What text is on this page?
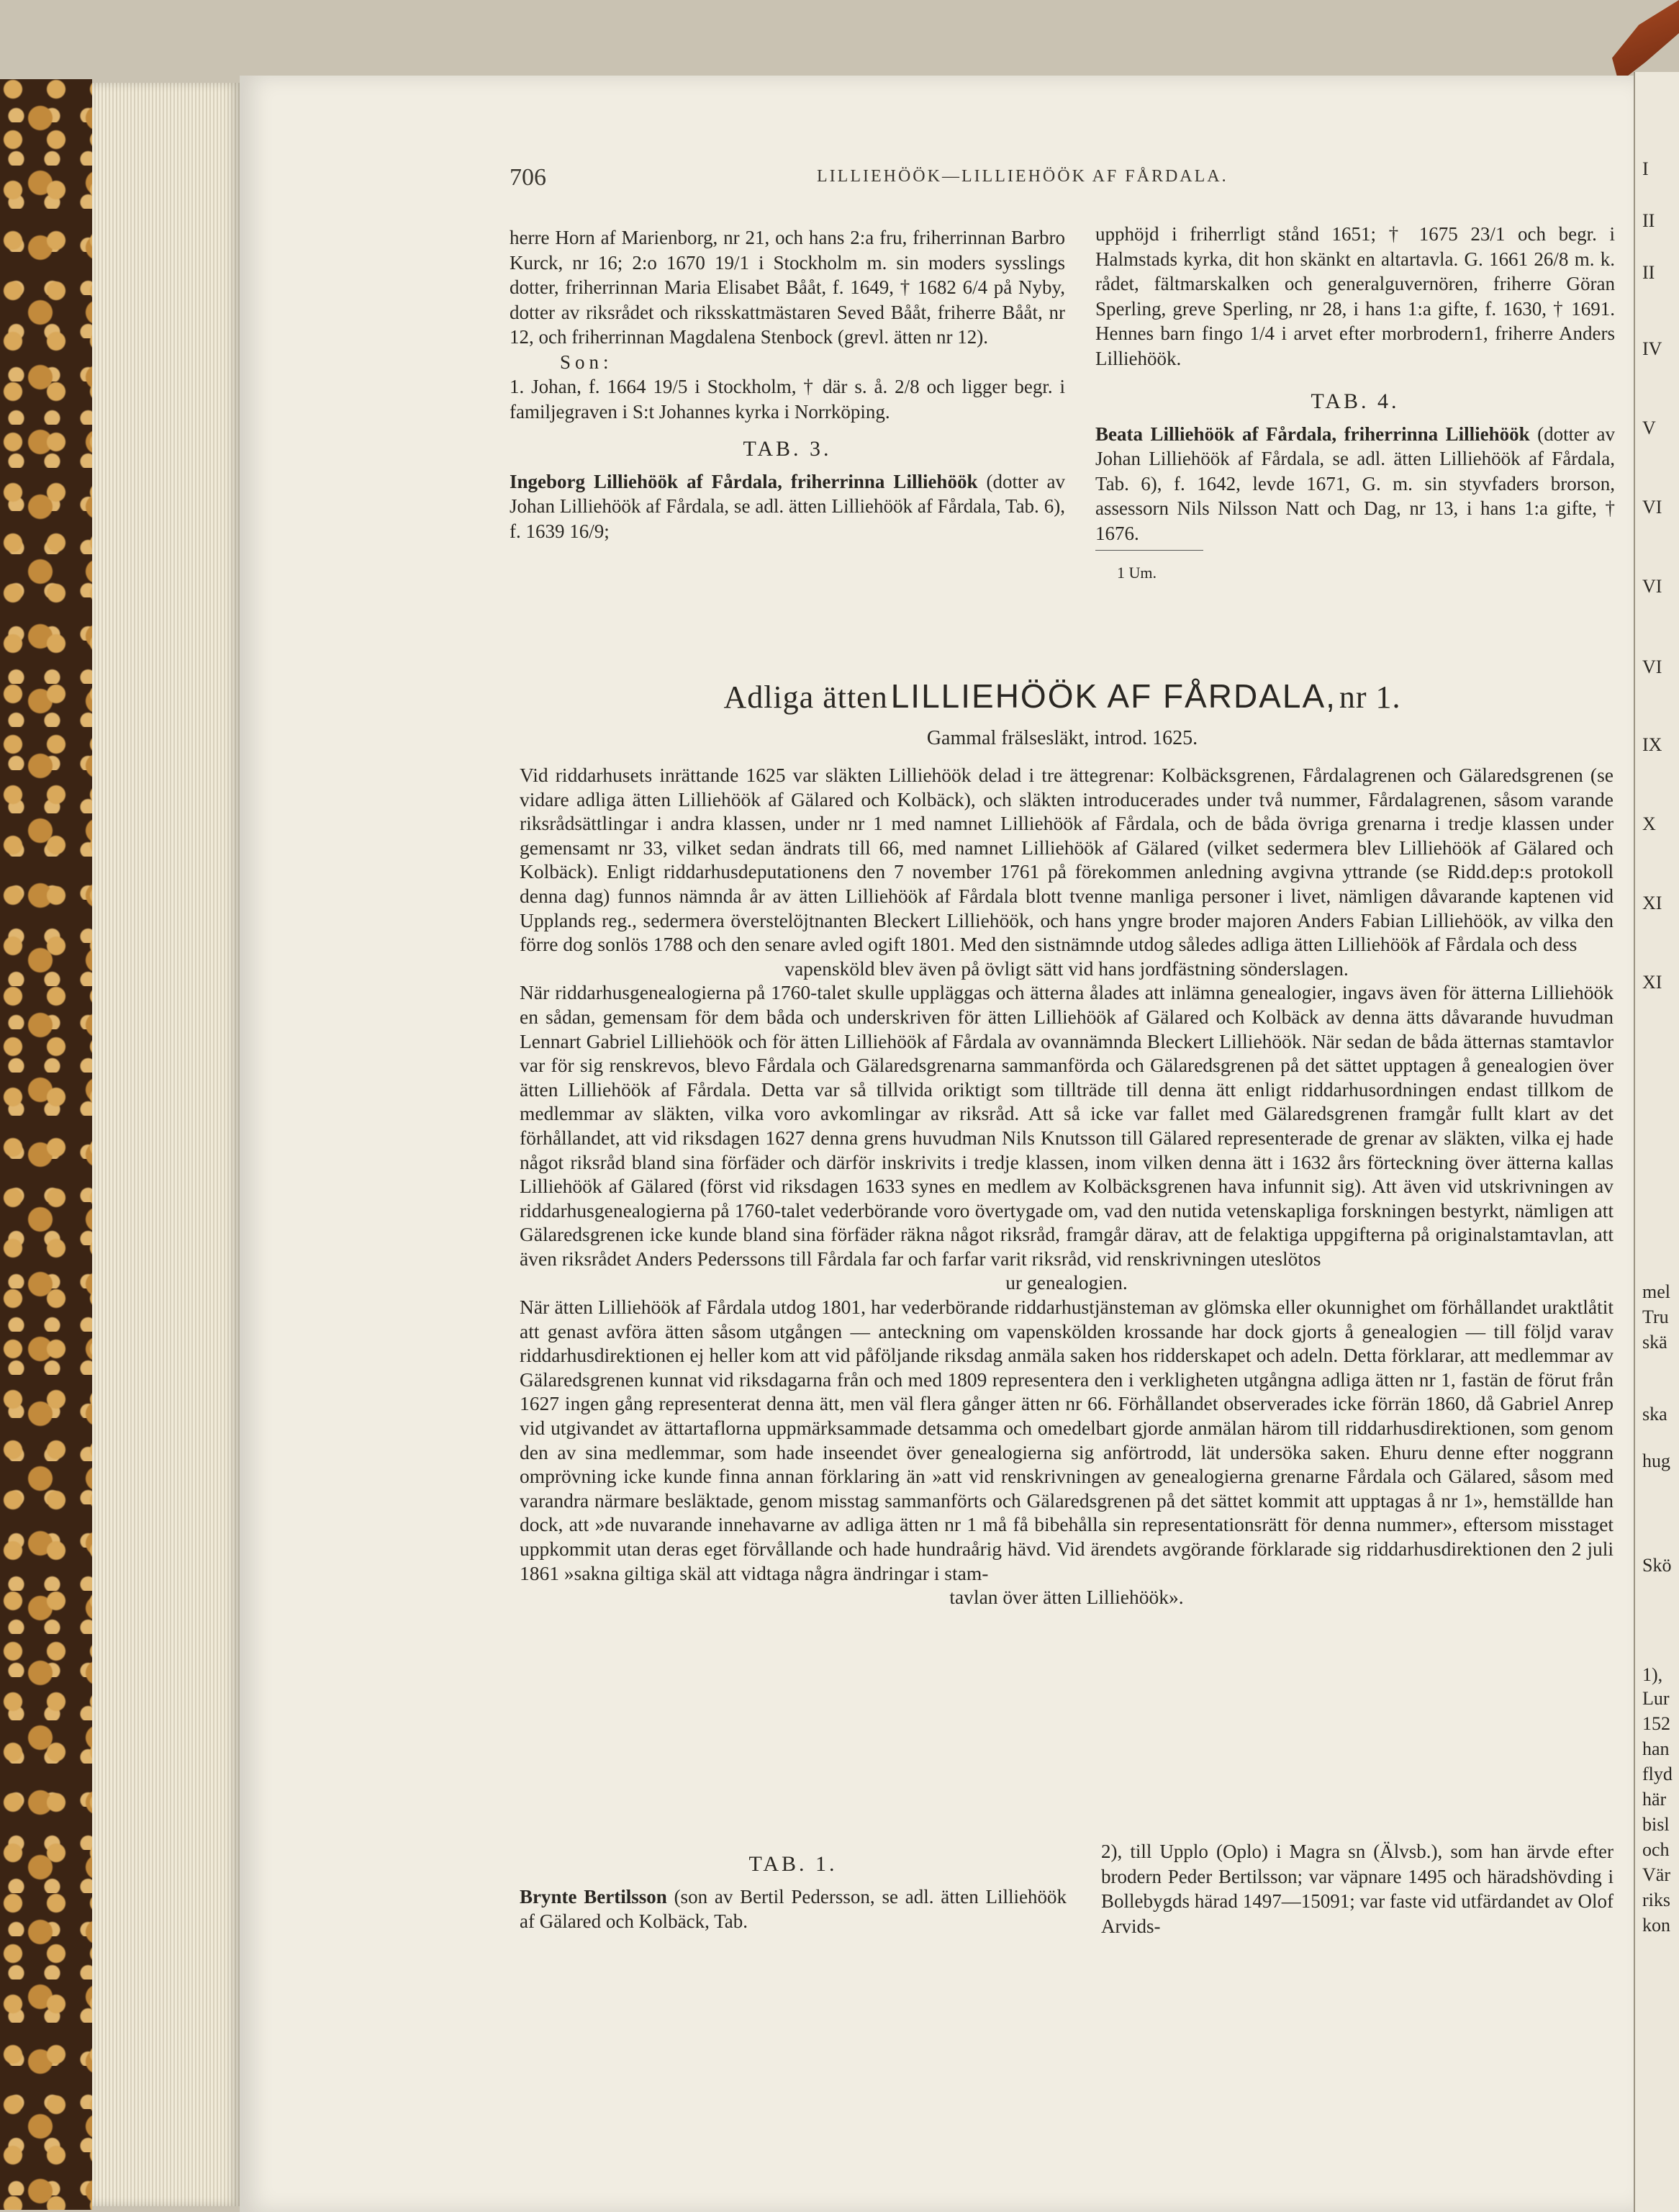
706	LILLIEHÖÖK—LILLIEHÖÖK AF FÅRDALA.

herre Horn af Marienborg, nr 21, och hans 2:a fru, friherrinnan Barbro Kurck, nr 16; 2:o 1670 19/1 i Stockholm m. sin moders sysslings dotter, friherrinnan Maria Elisabet Bååt, f. 1649, † 1682 6/4 på Nyby, dotter av riksrådet och riksskattmästaren Seved Bååt, friherre Bååt, nr 12, och friherrinnan Magdalena Stenbock (grevl. ätten nr 12).

Son:

1. Johan, f. 1664 19/5 i Stockholm, † där s. å. 2/8 och ligger begr. i familjegraven i S:t Johannes kyrka i Norrköping.

TAB. 3.

Ingeborg Lilliehöök af Fårdala, friherrinna Lilliehöök (dotter av Johan Lilliehöök af Fårdala, se adl. ätten Lilliehöök af Fårdala, Tab. 6), f. 1639 16/9;

upphöjd i friherrligt stånd 1651; † 1675 23/1 och begr. i Halmstads kyrka, dit hon skänkt en altartavla. G. 1661 26/8 m. k. rådet, fältmarskalken och generalguvernören, friherre Göran Sperling, greve Sperling, nr 28, i hans 1:a gifte, f. 1630, † 1691. Hennes barn fingo 1/4 i arvet efter morbrodern1, friherre Anders Lilliehöök.

TAB. 4.

Beata Lilliehöök af Fårdala, friherrinna Lilliehöök (dotter av Johan Lilliehöök af Fårdala, se adl. ätten Lilliehöök af Fårdala, Tab. 6), f. 1642, levde 1671, G. m. sin styvfaders brorson, assessorn Nils Nilsson Natt och Dag, nr 13, i hans 1:a gifte, † 1676.

1 Um.
Adliga ätten LILLIEHÖÖK AF FÅRDALA, nr 1.
Gammal frälsesläkt, introd. 1625.

Vid riddarhusets inrättande 1625 var släkten Lilliehöök delad i tre ättegrenar: Kolbäcksgrenen, Fårdalagrenen och Gälaredsgrenen (se vidare adliga ätten Lilliehöök af Gälared och Kolbäck), och släkten introducerades under två nummer, Fårdalagrenen, såsom varande riksrådsättlingar i andra klassen, under nr 1 med namnet Lilliehöök af Fårdala, och de båda övriga grenarna i tredje klassen under gemensamt nr 33, vilket sedan ändrats till 66, med namnet Lilliehöök af Gälared (vilket sedermera blev Lilliehöök af Gälared och Kolbäck). Enligt riddarhusdeputationens den 7 november 1761 på förekommen anledning avgivna yttrande (se Ridd.dep:s protokoll denna dag) funnos nämnda år av ätten Lilliehöök af Fårdala blott tvenne manliga personer i livet, nämligen dåvarande kaptenen vid Upplands reg., sedermera överstelöjtnanten Bleckert Lilliehöök, och hans yngre broder majoren Anders Fabian Lilliehöök, av vilka den förre dog sonlös 1788 och den senare avled ogift 1801. Med den sistnämnde utdog således adliga ätten Lilliehöök af Fårdala och dess

vapensköld blev även på övligt sätt vid hans jordfästning sönderslagen.

När riddarhusgenealogierna på 1760-talet skulle uppläggas och ätterna ålades att inlämna genealogier, ingavs även för ätterna Lilliehöök en sådan, gemensam för dem båda och underskriven för ätten Lilliehöök af Gälared och Kolbäck av denna ätts dåvarande huvudman Lennart Gabriel Lilliehöök och för ätten Lilliehöök af Fårdala av ovannämnda Bleckert Lilliehöök. När sedan de båda ätternas stamtavlor var för sig renskrevos, blevo Fårdala och Gälaredsgrenarna sammanförda och Gälaredsgrenen på det sättet upptagen å genealogien över ätten Lilliehöök af Fårdala. Detta var så tillvida oriktigt som tillträde till denna ätt enligt riddarhusordningen endast tillkom de medlemmar av släkten, vilka voro avkomlingar av riksråd. Att så icke var fallet med Gälaredsgrenen framgår fullt klart av det förhållandet, att vid riksdagen 1627 denna grens huvudman Nils Knutsson till Gälared representerade de grenar av släkten, vilka ej hade något riksråd bland sina förfäder och därför inskrivits i tredje klassen, inom vilken denna ätt i 1632 års förteckning över ätterna kallas Lilliehöök af Gälared (först vid riksdagen 1633 synes en medlem av Kolbäcksgrenen hava infunnit sig). Att även vid utskrivningen av riddarhusgenealogierna på 1760-talet vederbörande voro övertygade om, vad den nutida vetenskapliga forskningen bestyrkt, nämligen att Gälaredsgrenen icke kunde bland sina förfäder räkna något riksråd, framgår därav, att de felaktiga uppgifterna på originalstamtavlan, att även riksrådet Anders Pederssons till Fårdala far och farfar varit riksråd, vid renskrivningen uteslötos

ur genealogien.

När ätten Lilliehöök af Fårdala utdog 1801, har vederbörande riddarhustjänsteman av glömska eller okunnighet om förhållandet uraktlåtit att genast avföra ätten såsom utgången — anteckning om vapenskölden krossande har dock gjorts å genealogien — till följd varav riddarhusdirektionen ej heller kom att vid påföljande riksdag anmäla saken hos ridderskapet och adeln. Detta förklarar, att medlemmar av Gälaredsgrenen kunnat vid riksdagarna från och med 1809 representera den i verkligheten utgångna adliga ätten nr 1, fastän de förut från 1627 ingen gång representerat denna ätt, men väl flera gånger ätten nr 66. Förhållandet observerades icke förrän 1860, då Gabriel Anrep vid utgivandet av ättartaflorna uppmärksammade detsamma och omedelbart gjorde anmälan härom till riddarhusdirektionen, som genom den av sina medlemmar, som hade inseendet över genealogierna sig anförtrodd, lät undersöka saken. Ehuru denne efter noggrann omprövning icke kunde finna annan förklaring än »att vid renskrivningen av genealogierna grenarne Fårdala och Gälared, såsom med varandra närmare besläktade, genom misstag sammanförts och Gälaredsgrenen på det sättet kommit att upptagas å nr 1», hemställde han dock, att »de nuvarande innehavarne av adliga ätten nr 1 må få bibehålla sin representationsrätt för denna nummer», eftersom misstaget uppkommit utan deras eget förvållande och hade hundraårig hävd. Vid ärendets avgörande förklarade sig riddarhusdirektionen den 2 juli 1861 »sakna giltiga skäl att vidtaga några ändringar i stam-

tavlan över ätten Lilliehöök».

TAB. 1.

Brynte Bertilsson (son av Bertil Pedersson, se adl. ätten Lilliehöök af Gälared och Kolbäck, Tab.

2), till Upplo (Oplo) i Magra sn (Älvsb.), som han ärvde efter brodern Peder Bertilsson; var väpnare 1495 och häradshövding i Bollebygds härad 1497—15091; var faste vid utfärdandet av Olof Arvids-

I
II
II
IV
V
VI
VI
VI
IX
X
XI
XI
mel
Tru
skä
ska
hug
Skö
1),
Lur
152
han
flyd
här
bisl
och
Vär
riks
kon
